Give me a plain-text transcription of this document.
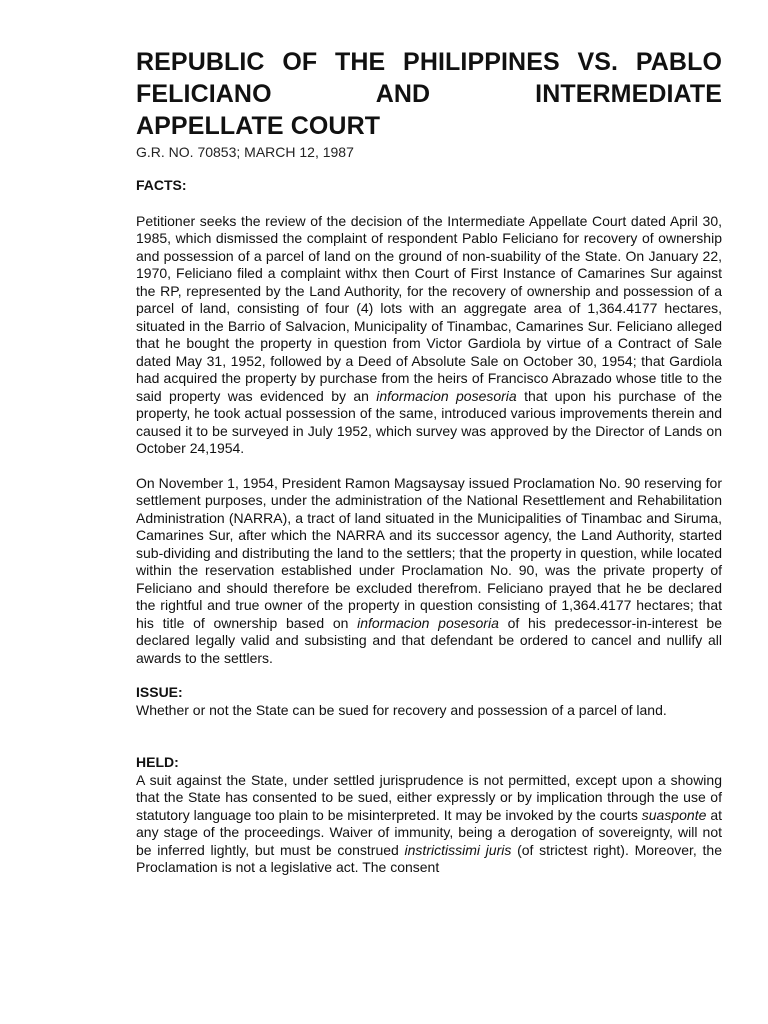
REPUBLIC OF THE PHILIPPINES VS. PABLO
FELICIANO AND INTERMEDIATE
APPELLATE COURT
G.R. NO. 70853; MARCH 12, 1987
FACTS:

Petitioner seeks the review of the decision of the Intermediate Appellate Court dated April 30, 1985, which dismissed the complaint of respondent Pablo Feliciano for recovery of ownership and possession of a parcel of land on the ground of non-suability of the State. On January 22, 1970, Feliciano filed a complaint withx then Court of First Instance of Camarines Sur against the RP, represented by the Land Authority, for the recovery of ownership and possession of a parcel of land, consisting of four (4) lots with an aggregate area of 1,364.4177 hectares, situated in the Barrio of Salvacion, Municipality of Tinambac, Camarines Sur. Feliciano alleged that he bought the property in question from Victor Gardiola by virtue of a Contract of Sale dated May 31, 1952, followed by a Deed of Absolute Sale on October 30, 1954; that Gardiola had acquired the property by purchase from the heirs of Francisco Abrazado whose title to the said property was evidenced by an informacion posesoria that upon his purchase of the property, he took actual possession of the same, introduced various improvements therein and caused it to be surveyed in July 1952, which survey was approved by the Director of Lands on October 24,1954.

On November 1, 1954, President Ramon Magsaysay issued Proclamation No. 90 reserving for settlement purposes, under the administration of the National Resettlement and Rehabilitation Administration (NARRA), a tract of land situated in the Municipalities of Tinambac and Siruma, Camarines Sur, after which the NARRA and its successor agency, the Land Authority, started sub-dividing and distributing the land to the settlers; that the property in question, while located within the reservation established under Proclamation No. 90, was the private property of Feliciano and should therefore be excluded therefrom. Feliciano prayed that he be declared the rightful and true owner of the property in question consisting of 1,364.4177 hectares; that his title of ownership based on informacion posesoria of his predecessor-in-interest be declared legally valid and subsisting and that defendant be ordered to cancel and nullify all awards to the settlers.

ISSUE:

Whether or not the State can be sued for recovery and possession of a parcel of land.

HELD:

A suit against the State, under settled jurisprudence is not permitted, except upon a showing that the State has consented to be sued, either expressly or by implication through the use of statutory language too plain to be misinterpreted. It may be invoked by the courts suasponte at any stage of the proceedings. Waiver of immunity, being a derogation of sovereignty, will not be inferred lightly, but must be construed instrictissimi juris (of strictest right). Moreover, the Proclamation is not a legislative act. The consent
